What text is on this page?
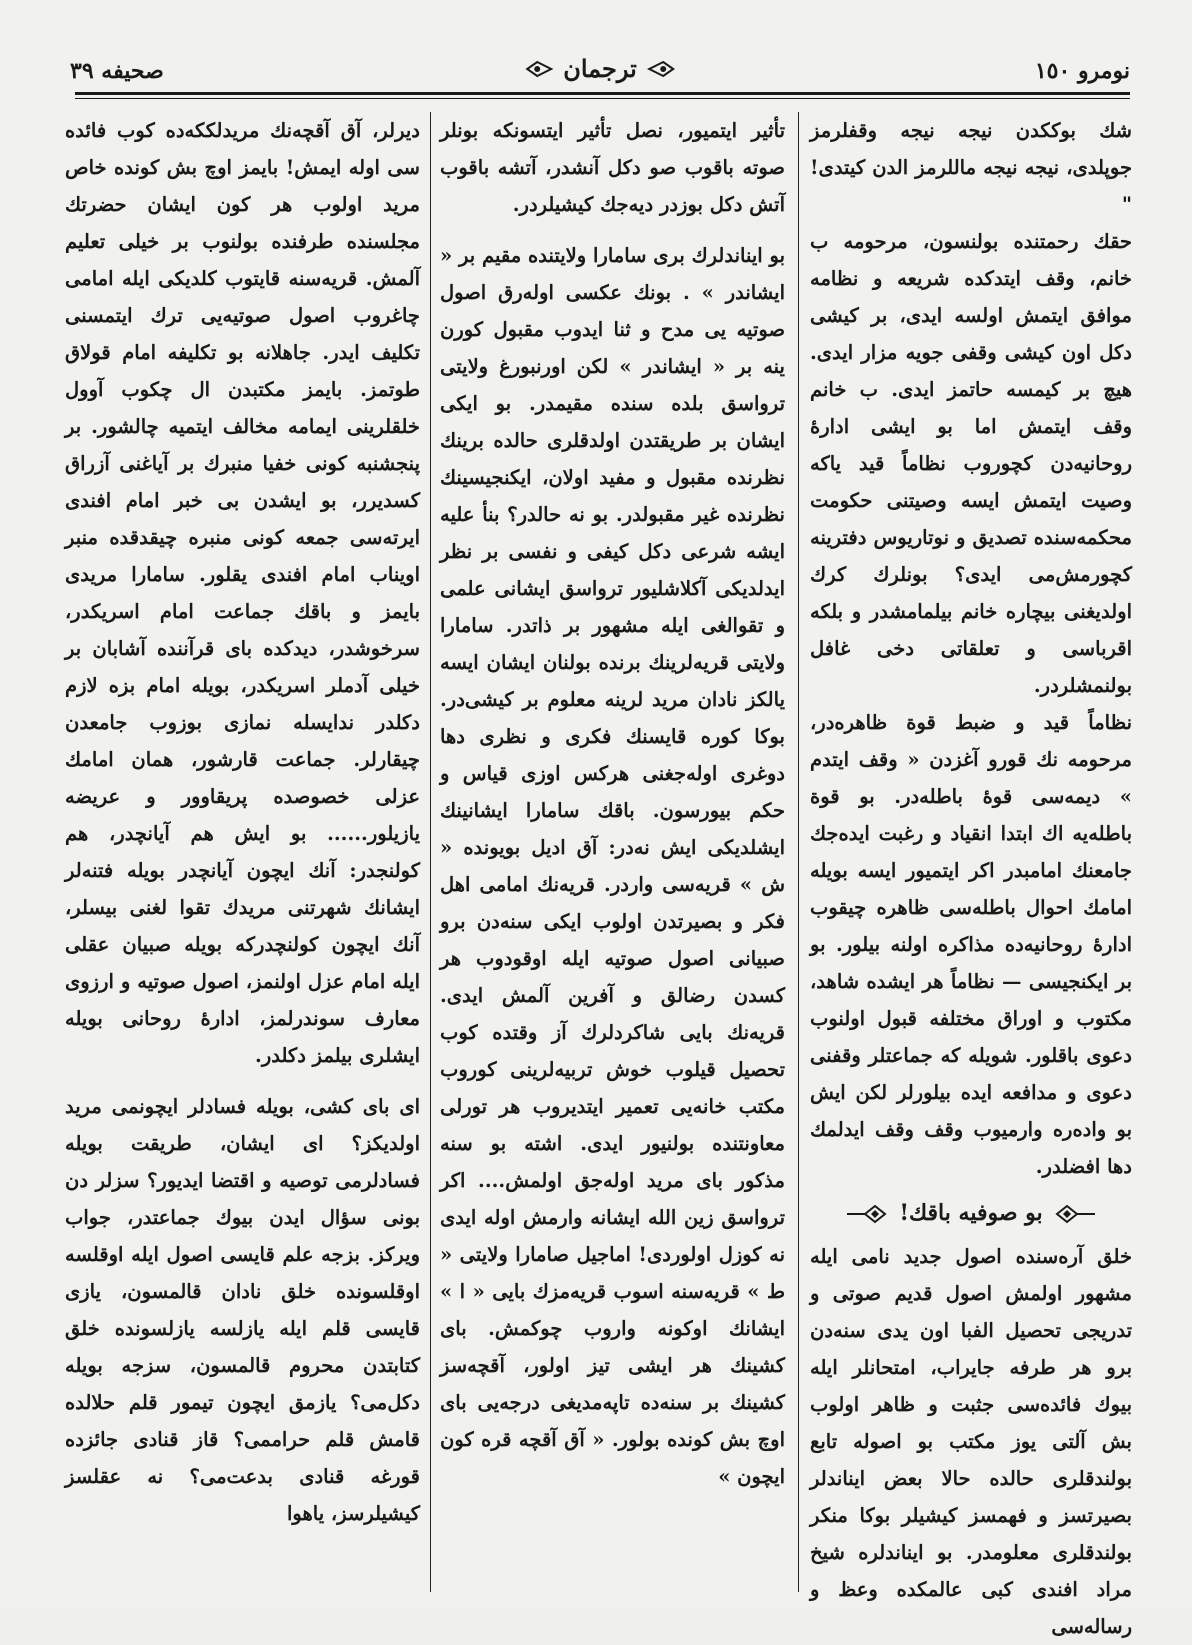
نومرو ١٥٠
ترجمان
صحيفه ٣٩

شك بوككدن نيجه نيجه وقفلرمز جوپلدى، نيجه نيجه ماللرمز الدن كيتدى! "

حقك رحمتنده بولنسون، مرحومه ب خانم، وقف ايتدكده شريعه و نظامه موافق ايتمش اولسه ايدى، بر كيشى دكل اون كيشى وقفى جويه مزار ايدى. هيچ بر كيمسه حاتمز ايدى. ب خانم وقف ايتمش اما بو ايشى ادارهٔ روحانيه‌دن كچوروب نظاماً قيد ياكه وصيت ايتمش ايسه وصيتنى حكومت محكمه‌سنده تصديق و نوتاريوس دفترينه كچورمش‌مى ايدى؟ بونلرك كرك اولديغنى بيچاره خانم بيلمامشدر و بلكه اقرباسى و تعلقاتى دخى غافل بولنمشلردر.

نظاماً قيد و ضبط قوة ظاهره‌در، مرحومه نك قورو آغزدن « وقف ايتدم » ديمه‌سى قوهٔ باطله‌در. بو قوة باطله‌يه اك ابتدا انقياد و رغبت ايده‌جك جامعنك امامبدر اكر ايتميور ايسه بويله امامك احوال باطله‌سى ظاهره چيقوب ادارهٔ روحانيه‌ده مذاكره اولنه بيلور. بو بر ايكنجيسى — نظاماً هر ايشده شاهد، مكتوب و اوراق مختلفه قبول اولنوب دعوى باقلور. شويله كه جماعتلر وقفنى دعوى و مدافعه ايده بيلورلر لكن ايش بو واده‌ره وارميوب وقف وقف ايدلمك دها افضلدر.

بو صوفيه باقك!

خلق آره‌سنده اصول جديد نامى ايله مشهور اولمش اصول قديم صوتى و تدريجى تحصيل الفبا اون يدى سنه‌دن برو هر طرفه جايراب، امتحانلر ايله بيوك فائده‌سى جثبت و ظاهر اولوب بش آلتى يوز مكتب بو اصوله تابع بولندقلرى حالده حالا بعض ايناندلر بصيرتسز و فهمسز كيشيلر بوكا منكر بولندقلرى معلومدر. بو ايناندلره شيخ مراد افندى كبى عالمكده وعظ و رساله‌سى

تأثير ايتميور، نصل تأثير ايتسونكه بونلر صوته باقوب صو دكل آنشدر، آتشه باقوب آتش دكل بوزدر ديه‌جك كيشيلردر.

بو ايناندلرك برى سامارا ولايتنده مقيم بر « ايشاندر » . بونك عكسى اوله‌رق اصول صوتيه يى مدح و ثنا ايدوب مقبول كورن ينه بر « ايشاندر » لكن اورنبورغ ولايتى ترواسق بلده سنده مقيمدر. بو ايكى ايشان بر طريقتدن اولدقلرى حالده برينك نظرنده مقبول و مفيد اولان، ايكنجيسينك نظرنده غير مقبولدر. بو نه حالدر؟ بنأ عليه ايشه شرعى دكل كيفى و نفسى بر نظر ايدلديكى آكلاشليور ترواسق ايشانى علمى و تقوالغى ايله مشهور بر ذاتدر. سامارا ولايتى قريه‌لرينك برنده بولنان ايشان ايسه يالكز نادان مريد لرينه معلوم بر كيشى‌در. بوكا كوره قايسنك فكرى و نظرى دها دوغرى اوله‌جغنى هركس اوزى قياس و حكم بيورسون. باقك سامارا ايشانينك ايشلديكى ايش نه‌در: آق اديل بويونده « ش » قريه‌سى واردر. قريه‌نك امامى اهل فكر و بصيرتدن اولوب ايكى سنه‌دن برو صبيانى اصول صوتيه ايله اوقودوب هر كسدن رضالق و آفرين آلمش ايدى. قريه‌نك بايى شاكردلرك آز وقتده كوب تحصيل قيلوب خوش تربيه‌لرينى كوروب مكتب خانه‌يى تعمير ايتديروب هر تورلى معاونتنده بولنيور ايدى. اشته بو سنه مذكور باى مريد اوله‌جق اولمش.... اكر ترواسق زين الله ايشانه وارمش اوله ايدى نه كوزل اولوردى! اماجيل صامارا ولايتى « ط » قريه‌سنه اسوب قريه‌مزك بايى « ا » ايشانك اوكونه واروب چوكمش. باى كشينك هر ايشى تيز اولور، آقچه‌سز كشينك بر سنه‌ده تاپه‌مديغى درجه‌يى باى اوچ بش كونده بولور. « آق آقچه قره كون ايچون »

ديرلر، آق آقچه‌نك مريدلككه‌ده كوب فائده سى اوله ايمش! بايمز اوچ بش كونده خاص مريد اولوب هر كون ايشان حضرتك مجلسنده طرفنده بولنوب بر خيلى تعليم آلمش. قريه‌سنه قايتوب كلديكى ايله امامى چاغروب اصول صوتيه‌يى ترك ايتمسنى تكليف ايدر. جاهلانه بو تكليفه امام قولاق طوتمز. بايمز مكتبدن ال چكوب آوول خلقلرينى ايمامه مخالف ايتميه چالشور. بر پنجشنبه كونى خفيا منبرك بر آياغنى آزراق كسديرر، بو ايشدن بى خبر امام افندى ايرته‌سى جمعه كونى منبره چيقدقده منبر اويناب امام افندى يقلور. سامارا مريدى بايمز و باقك جماعت امام اسريكدر، سرخوشدر، ديدكده باى قرآننده آشابان بر خيلى آدملر اسريكدر، بويله امام بزه لازم دكلدر ندايسله نمازى بوزوب جامعدن چيقارلر. جماعت قارشور، همان امامك عزلى خصوصده پريقاوور و عريضه يازيلور...... بو ايش‌ هم آيانچدر، هم كولنجدر: آنك ايچون آيانچدر بويله فتنه‌لر ايشانك شهرتنى مريدك تقوا لغنى بيسلر، آنك ايچون كولنچدركه بويله صبيان عقلى ايله امام عزل اولنمز، اصول صوتيه و ارزوى معارف سوندرلمز، ادارهٔ روحانى بويله ايشلرى بيلمز دكلدر.

اى باى كشى، بويله فسادلر ايچونمى مريد اولديكز؟ اى ايشان، طريقت بويله فسادلرمى توصيه و اقتضا ايديور؟ سزلر دن بونى سؤال ايدن بيوك جماعتدر، جواب ويركز. بزجه علم قايسى اصول ايله اوقلسه اوقلسونده خلق نادان قالمسون، يازى قايسى قلم ايله يازلسه يازلسونده خلق كتابتدن محروم قالمسون، سزجه بويله دكل‌مى؟ يازمق ايچون تيمور قلم حلالده قامش قلم حراممى؟ قاز قنادى جائزده قورغه قنادى بدعت‌مى؟ نه عقلسز كيشيلرسز، ياهوا
